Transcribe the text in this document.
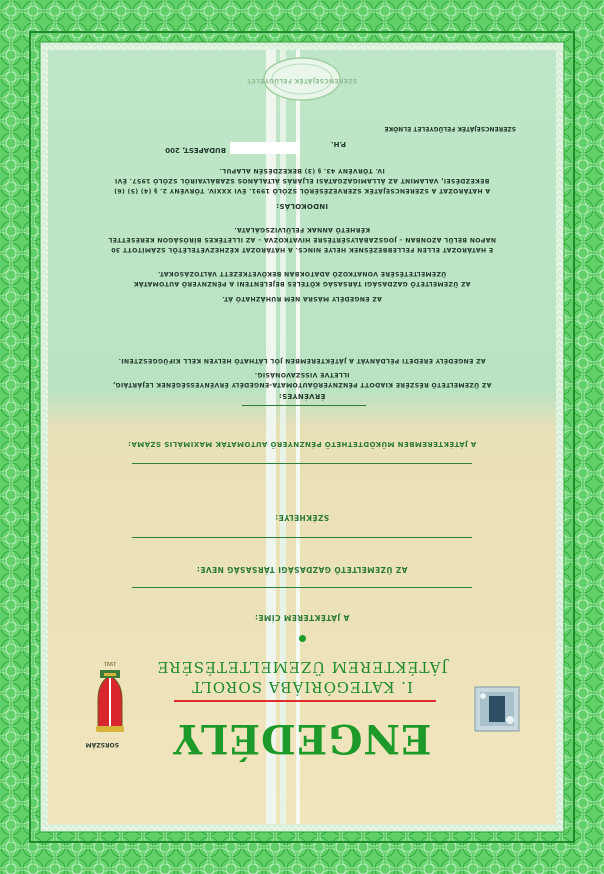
SZERENCSEJÁTÉK FELÜGYELET
ENGEDÉLY
I. KATEGÓRIÁBA SOROLT
JÁTÉKTEREM ÜZEMELTETÉSÉRE
SORSZÁM
1991
A JÁTÉKTEREM CÍME:
AZ ÜZEMELTETŐ GAZDASÁGI TÁRSASÁG NEVE:
SZÉKHELYE:
A JÁTÉKTEREMBEN MŰKÖDTETHETŐ PÉNZNYERŐ AUTOMATÁK MAXIMÁLIS SZÁMA:
ÉRVÉNYES:
AZ ÜZEMELTETŐ RÉSZÉRE KIADOTT PÉNZNYERŐAUTOMATA-ENGEDÉLY ÉRVÉNYESSÉGÉNEK LEJÁRTÁIG,
ILLETVE VISSZAVONÁSIG.
AZ ENGEDÉLY EREDETI PÉLDÁNYÁT A JÁTÉKTEREMBEN JÓL LÁTHATÓ HELYEN KELL KIFÜGGESZTENI.
AZ ENGEDÉLY MÁSRA NEM RUHÁZHATÓ ÁT.
AZ ÜZEMELTETŐ GAZDASÁGI TÁRSASÁG KÖTELES BEJELENTENI A PÉNZNYERŐ AUTOMATÁK ÜZEMELTETÉSÉRE VONATKOZÓ ADATOKBAN BEKÖVETKEZETT VÁLTOZÁSOKAT.
E HATÁROZAT ELLEN FELLEBBEZÉSNEK HELYE NINCS. A HATÁROZAT KÉZHEZVÉTELÉTŐL SZÁMÍTOTT 30 NAPON BELÜL AZONBAN – JOGSZABÁLYSÉRTÉSRE HIVATKOZVA – AZ ILLETÉKES BÍRÓSÁGON KERESETTEL KÉRHETŐ ANNAK FELÜLVIZSGÁLATA.
INDOKOLÁS:
A HATÁROZAT A SZERENCSEJÁTÉK SZERVEZÉSÉRŐL SZÓLÓ 1991. ÉVI XXXIV. TÖRVÉNY 2. § (4) (5) (6)
BEKEZDÉSEI, VALAMINT AZ ÁLLAMIGAZGATÁSI ELJÁRÁS ÁLTALÁNOS SZABÁLYAIRÓL SZÓLÓ 1957. ÉVI
IV. TÖRVÉNY 43. § (3) BEKEZDÉSÉN ALAPUL.
BUDAPEST, 200
P.H.
SZERENCSEJÁTÉK FELÜGYELET ELNÖKE
